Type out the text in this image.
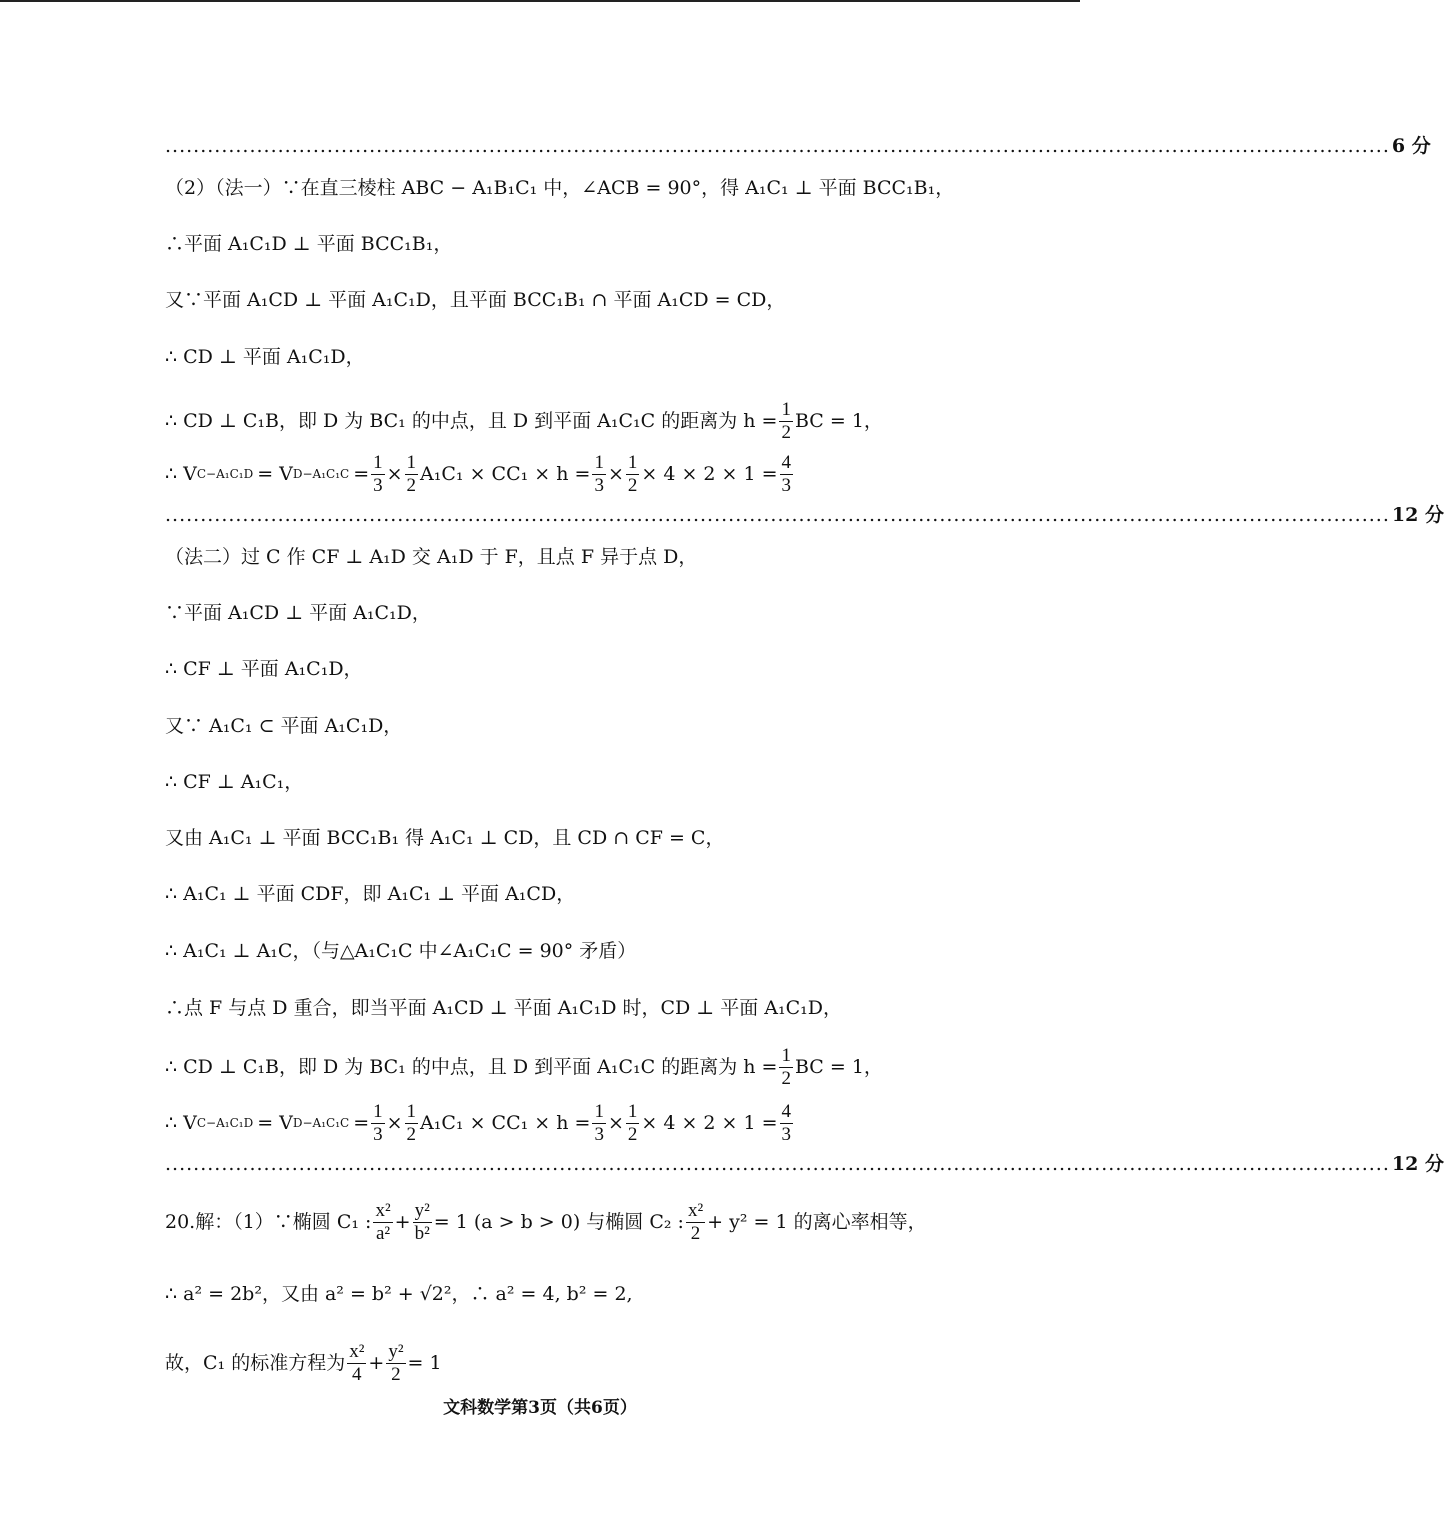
.............................................................................................................................................................................. 6 分
（2）（法一）∵在直三棱柱 ABC − A₁B₁C₁ 中，∠ACB = 90°，得 A₁C₁ ⊥ 平面 BCC₁B₁，
∴平面 A₁C₁D ⊥ 平面 BCC₁B₁，
又∵平面 A₁CD ⊥ 平面 A₁C₁D，且平面 BCC₁B₁ ∩ 平面 A₁CD = CD，
∴ CD ⊥ 平面 A₁C₁D，
∴ CD ⊥ C₁B，即 D 为 BC₁ 的中点，且 D 到平面 A₁C₁C 的距离为 $h = \frac{1}{2}$ BC = 1，
∴ V C−A₁C₁D = V $D-A_1C_1C = \frac{1}{3} \times \frac{1}{2} A_1C_1 \times CC_1 \times h = \frac{1}{3} \times \frac{1}{2} \times 4 \times 2 \times 1 = \frac{4}{3}$
.............................................................................................................................................................................. 12 分
（法二）过 C 作 CF ⊥ A₁D 交 A₁D 于 F，且点 F 异于点 D，
∵平面 A₁CD ⊥ 平面 A₁C₁D，
∴ CF ⊥ 平面 A₁C₁D，
又∵ A₁C₁ ⊂ 平面 A₁C₁D，
∴ CF ⊥ A₁C₁，
又由 A₁C₁ ⊥ 平面 BCC₁B₁ 得 A₁C₁ ⊥ CD，且 CD ∩ CF = C，
∴ A₁C₁ ⊥ 平面 CDF，即 A₁C₁ ⊥ 平面 A₁CD，
∴ A₁C₁ ⊥ A₁C，（与△A₁C₁C 中∠A₁C₁C = 90° 矛盾）
∴点 F 与点 D 重合，即当平面 A₁CD ⊥ 平面 A₁C₁D 时，CD ⊥ 平面 A₁C₁D，
∴ CD ⊥ C₁B，即 D 为 BC₁ 的中点，且 D 到平面 A₁C₁C 的距离为 $h = \frac{1}{2}$ BC = 1，
∴ V C−A₁C₁D = V $D-A_1C_1C = \frac{1}{3} \times \frac{1}{2} A_1C_1 \times CC_1 \times h = \frac{1}{3} \times \frac{1}{2} \times 4 \times 2 \times 1 = \frac{4}{3}$
.............................................................................................................................................................................. 12 分
20.解：（1）∵椭圆 C₁ : $\frac{\text{x²}}{\text{a²}} + \frac{\text{y²}}{\text{b²}} = 1$ (a > b > 0) 与椭圆 C₂ : $\frac{\text{x²}}{2} + y^2 = 1$ 的离心率相等，
∴ a² = 2b²，又由 a² = b² + √2²，∴ a² = 4, b² = 2,
故，C₁ 的标准方程为 $\frac{\text{x²}}{4} + \frac{\text{y²}}{2} = 1$
文科数学第3页（共6页）
